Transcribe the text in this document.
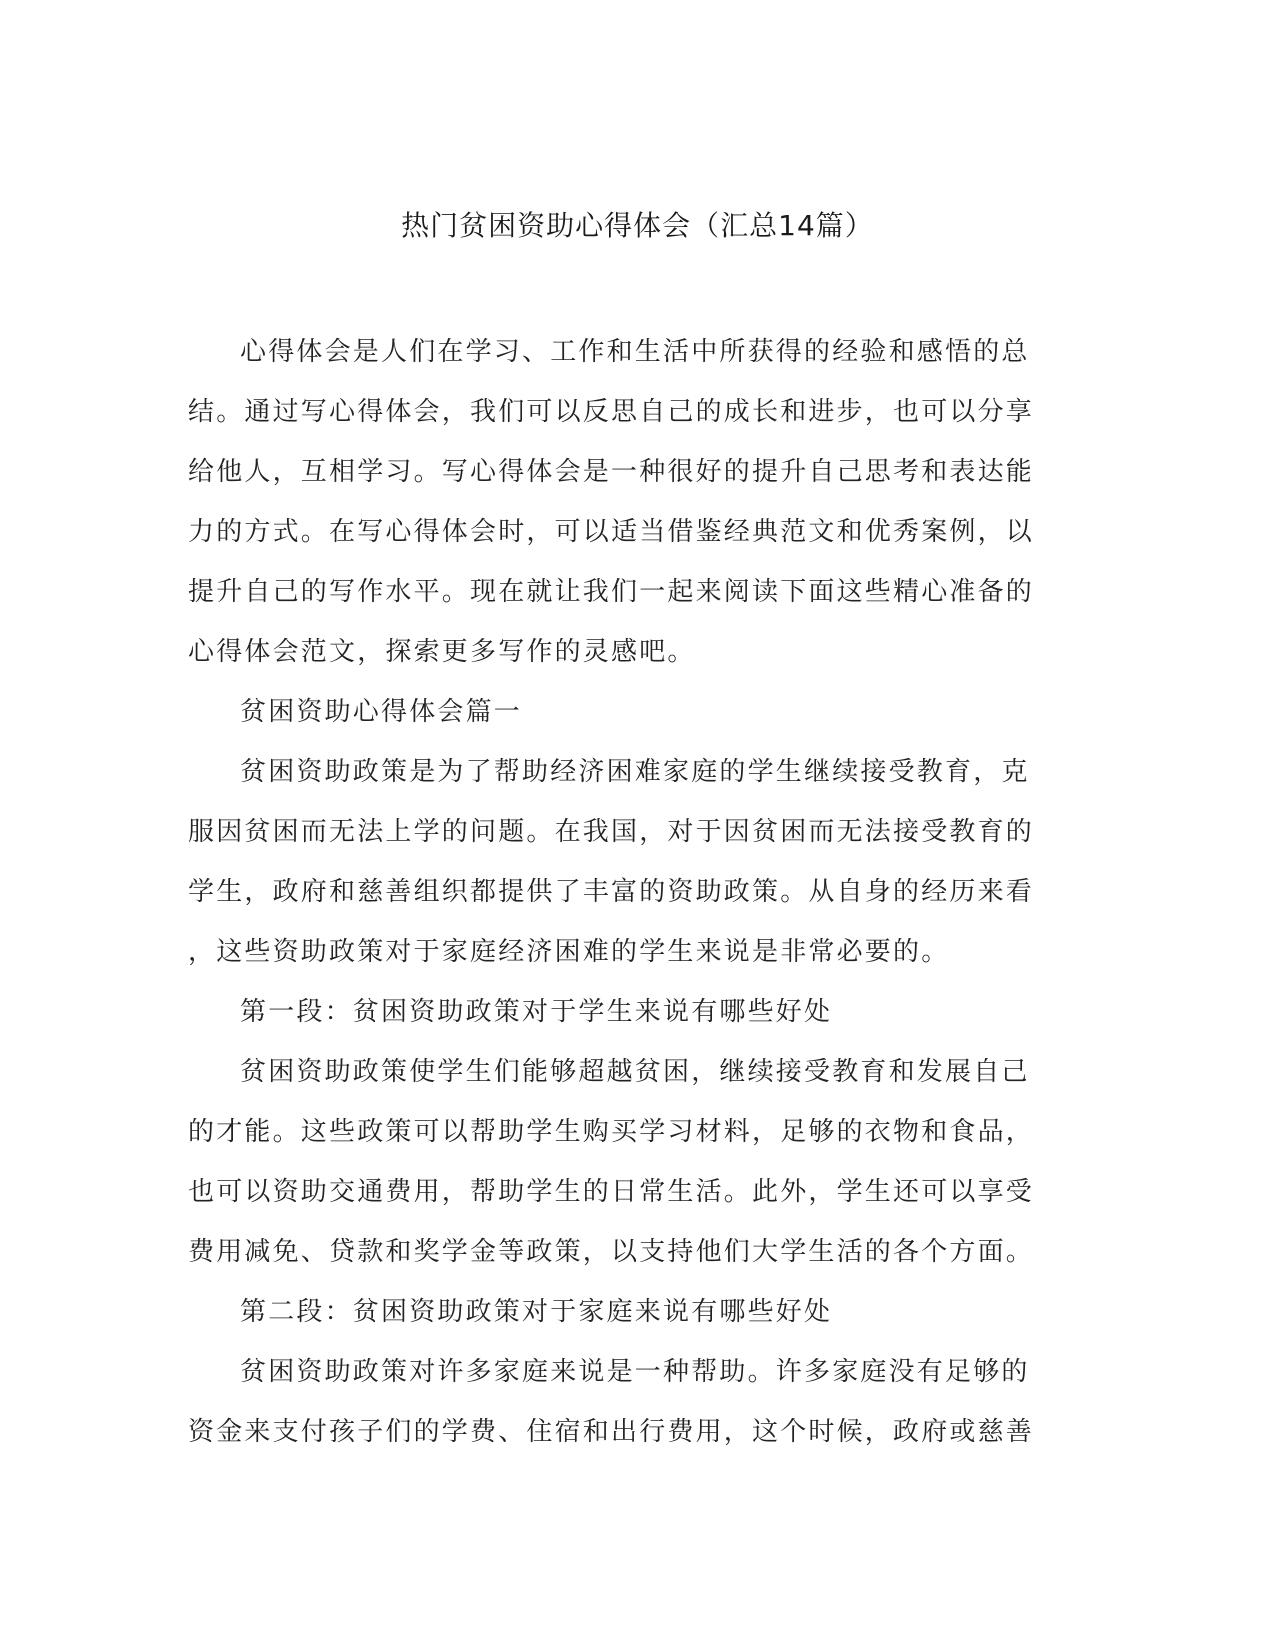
热门贫困资助心得体会（汇总14篇）

心得体会是人们在学习、工作和生活中所获得的经验和感悟的总
结。通过写心得体会，我们可以反思自己的成长和进步，也可以分享
给他人，互相学习。写心得体会是一种很好的提升自己思考和表达能
力的方式。在写心得体会时，可以适当借鉴经典范文和优秀案例，以
提升自己的写作水平。现在就让我们一起来阅读下面这些精心准备的
心得体会范文，探索更多写作的灵感吧。

贫困资助心得体会篇一

贫困资助政策是为了帮助经济困难家庭的学生继续接受教育，克
服因贫困而无法上学的问题。在我国，对于因贫困而无法接受教育的
学生，政府和慈善组织都提供了丰富的资助政策。从自身的经历来看
，这些资助政策对于家庭经济困难的学生来说是非常必要的。

第一段：贫困资助政策对于学生来说有哪些好处

贫困资助政策使学生们能够超越贫困，继续接受教育和发展自己
的才能。这些政策可以帮助学生购买学习材料，足够的衣物和食品，
也可以资助交通费用，帮助学生的日常生活。此外，学生还可以享受
费用减免、贷款和奖学金等政策，以支持他们大学生活的各个方面。

第二段：贫困资助政策对于家庭来说有哪些好处

贫困资助政策对许多家庭来说是一种帮助。许多家庭没有足够的
资金来支付孩子们的学费、住宿和出行费用，这个时候，政府或慈善
